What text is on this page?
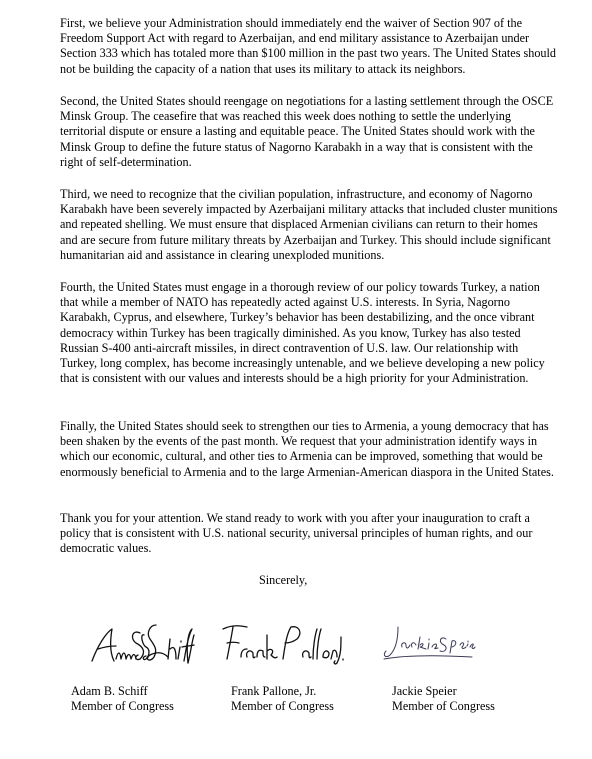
First, we believe your Administration should immediately end the waiver of Section 907 of the Freedom Support Act with regard to Azerbaijan, and end military assistance to Azerbaijan under Section 333 which has totaled more than $100 million in the past two years. The United States should not be building the capacity of a nation that uses its military to attack its neighbors.

Second, the United States should reengage on negotiations for a lasting settlement through the OSCE Minsk Group. The ceasefire that was reached this week does nothing to settle the underlying territorial dispute or ensure a lasting and equitable peace. The United States should work with the Minsk Group to define the future status of Nagorno Karabakh in a way that is consistent with the right of self-determination.

Third, we need to recognize that the civilian population, infrastructure, and economy of Nagorno Karabakh have been severely impacted by Azerbaijani military attacks that included cluster munitions and repeated shelling. We must ensure that displaced Armenian civilians can return to their homes and are secure from future military threats by Azerbaijan and Turkey. This should include significant humanitarian aid and assistance in clearing unexploded munitions.

Fourth, the United States must engage in a thorough review of our policy towards Turkey, a nation that while a member of NATO has repeatedly acted against U.S. interests. In Syria, Nagorno Karabakh, Cyprus, and elsewhere, Turkey’s behavior has been destabilizing, and the once vibrant democracy within Turkey has been tragically diminished. As you know, Turkey has also tested Russian S-400 anti-aircraft missiles, in direct contravention of U.S. law. Our relationship with Turkey, long complex, has become increasingly untenable, and we believe developing a new policy that is consistent with our values and interests should be a high priority for your Administration.

Finally, the United States should seek to strengthen our ties to Armenia, a young democracy that has been shaken by the events of the past month. We request that your administration identify ways in which our economic, cultural, and other ties to Armenia can be improved, something that would be enormously beneficial to Armenia and to the large Armenian-American diaspora in the United States.

Thank you for your attention. We stand ready to work with you after your inauguration to craft a policy that is consistent with U.S. national security, universal principles of human rights, and our democratic values.

Sincerely,
Adam B. Schiff
Member of Congress
Frank Pallone, Jr.
Member of Congress
Jackie Speier
Member of Congress
